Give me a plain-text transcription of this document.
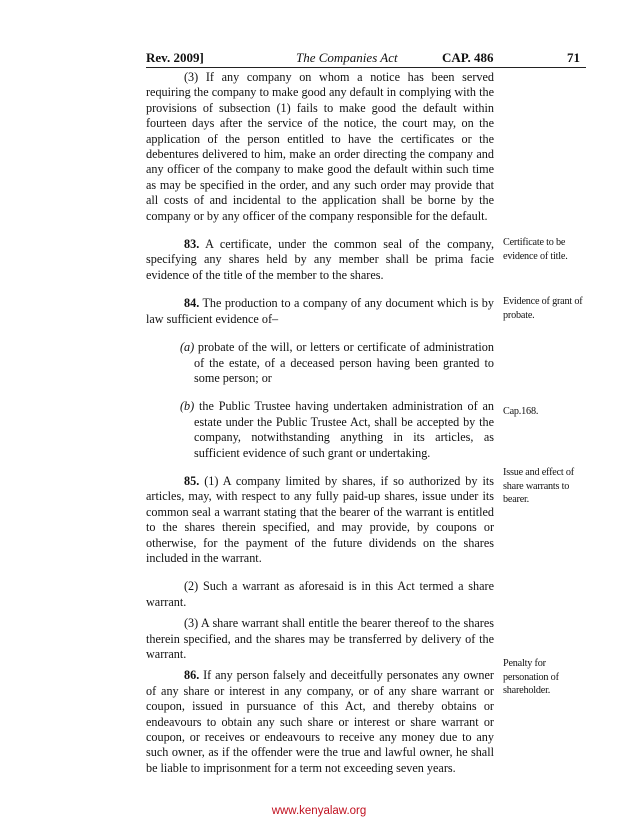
Rev. 2009]	The Companies Act	CAP. 486	71

(3) If any company on whom a notice has been served requiring the company to make good any default in complying with the provisions of subsection (1) fails to make good the default within fourteen days after the service of the notice, the court may, on the application of the person entitled to have the certificates or the debentures delivered to him, make an order directing the company and any officer of the company to make good the default within such time as may be specified in the order, and any such order may provide that all costs of and incidental to the application shall be borne by the company or by any officer of the company responsible for the default.

83. A certificate, under the common seal of the company, specifying any shares held by any member shall be prima facie evidence of the title of the member to the shares.

84. The production to a company of any document which is by law sufficient evidence of–

(a) probate of the will, or letters or certificate of administration of the estate, of a deceased person having been granted to some person; or

(b) the Public Trustee having undertaken administration of an estate under the Public Trustee Act, shall be accepted by the company, notwithstanding anything in its articles, as sufficient evidence of such grant or undertaking.

85. (1) A company limited by shares, if so authorized by its articles, may, with respect to any fully paid-up shares, issue under its common seal a warrant stating that the bearer of the warrant is entitled to the shares therein specified, and may provide, by coupons or otherwise, for the payment of the future dividends on the shares included in the warrant.

(2) Such a warrant as aforesaid is in this Act termed a share warrant.

(3) A share warrant shall entitle the bearer thereof to the shares therein specified, and the shares may be transferred by delivery of the warrant.

86. If any person falsely and deceitfully personates any owner of any share or interest in any company, or of any share warrant or coupon, issued in pursuance of this Act, and thereby obtains or endeavours to obtain any such share or interest or share warrant or coupon, or receives or endeavours to receive any money due to any such owner, as if the offender were the true and lawful owner, he shall be liable to imprisonment for a term not exceeding seven years.

Certificate to be evidence of title.
Evidence of grant of probate.
Cap.168.
Issue and effect of share warrants to bearer.
Penalty for personation of shareholder.
www.kenyalaw.org
